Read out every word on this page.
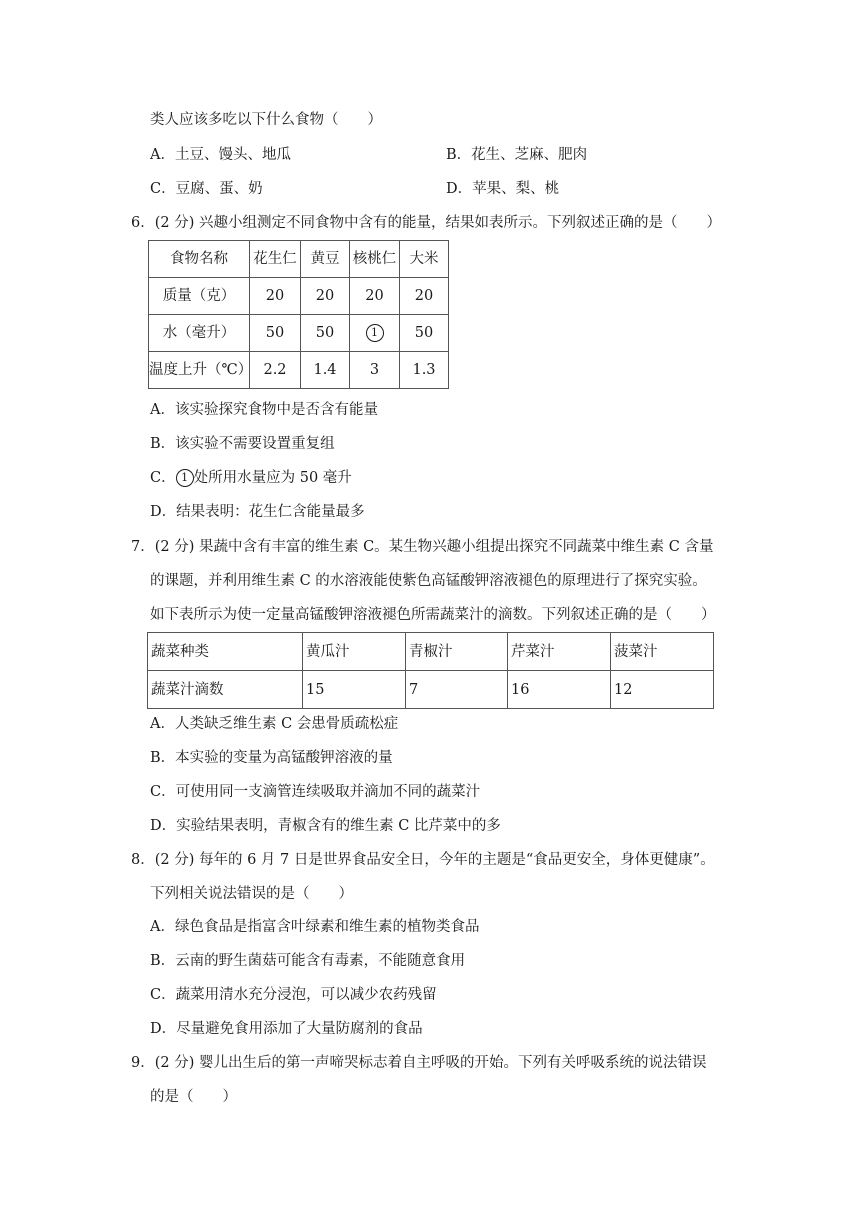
类人应该多吃以下什么食物（　　）
A．土豆、馒头、地瓜	B．花生、芝麻、肥肉
C．豆腐、蛋、奶	D．苹果、梨、桃
6．(2 分) 兴趣小组测定不同食物中含有的能量，结果如表所示。下列叙述正确的是（　　）
食物名称	花生仁	黄豆	核桃仁	大米
质量（克）	20	20	20	20
水（毫升）	50	50	1	50
温度上升（℃）	2.2	1.4	3	1.3
A．该实验探究食物中是否含有能量
B．该实验不需要设置重复组
C． 1 处所用水量应为 50 毫升
D．结果表明：花生仁含能量最多
7．(2 分) 果蔬中含有丰富的维生素 C。某生物兴趣小组提出探究不同蔬菜中维生素 C 含量
的课题，并利用维生素 C 的水溶液能使紫色高锰酸钾溶液褪色的原理进行了探究实验。
如下表所示为使一定量高锰酸钾溶液褪色所需蔬菜汁的滴数。下列叙述正确的是（　　）
蔬菜种类	黄瓜汁	青椒汁	芹菜汁	菠菜汁
蔬菜汁滴数	15	7	16	12
A．人类缺乏维生素 C 会患骨质疏松症
B．本实验的变量为高锰酸钾溶液的量
C．可使用同一支滴管连续吸取并滴加不同的蔬菜汁
D．实验结果表明，青椒含有的维生素 C 比芹菜中的多
8．(2 分) 每年的 6 月 7 日是世界食品安全日，今年的主题是“食品更安全，身体更健康”。
下列相关说法错误的是（　　）
A．绿色食品是指富含叶绿素和维生素的植物类食品
B．云南的野生菌菇可能含有毒素，不能随意食用
C．蔬菜用清水充分浸泡，可以减少农药残留
D．尽量避免食用添加了大量防腐剂的食品
9．(2 分) 婴儿出生后的第一声啼哭标志着自主呼吸的开始。下列有关呼吸系统的说法错误
的是（　　）
